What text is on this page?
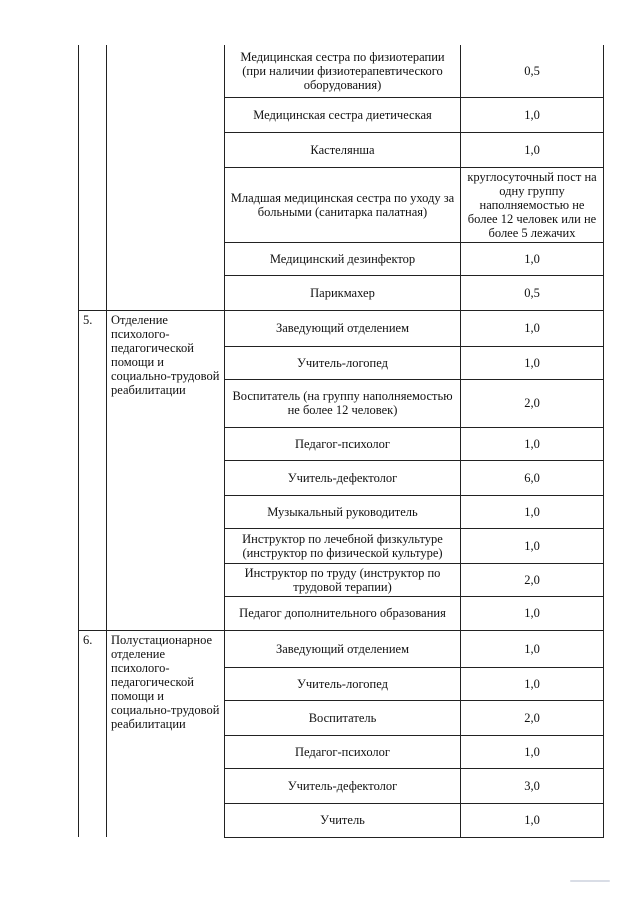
		Медицинская сестра по физиотерапии (при наличии физиотерапевтического оборудования)	0,5
		Медицинская сестра диетическая	1,0
		Кастелянша	1,0
		Младшая медицинская сестра по уходу за больными (санитарка палатная)	круглосуточный пост на одну группу наполняемостью не более 12 человек или не более 5 лежачих
		Медицинский дезинфектор	1,0
		Парикмахер	0,5
5.	Отделение психолого-педагогической помощи и социально-трудовой реабилитации	Заведующий отделением	1,0
		Учитель-логопед	1,0
		Воспитатель (на группу наполняемостью не более 12 человек)	2,0
		Педагог-психолог	1,0
		Учитель-дефектолог	6,0
		Музыкальный руководитель	1,0
		Инструктор по лечебной физкультуре (инструктор по физической культуре)	1,0
		Инструктор по труду (инструктор по трудовой терапии)	2,0
		Педагог дополнительного образования	1,0
6.	Полустационарное отделение психолого-педагогической помощи и социально-трудовой реабилитации	Заведующий отделением	1,0
		Учитель-логопед	1,0
		Воспитатель	2,0
		Педагог-психолог	1,0
		Учитель-дефектолог	3,0
		Учитель	1,0
